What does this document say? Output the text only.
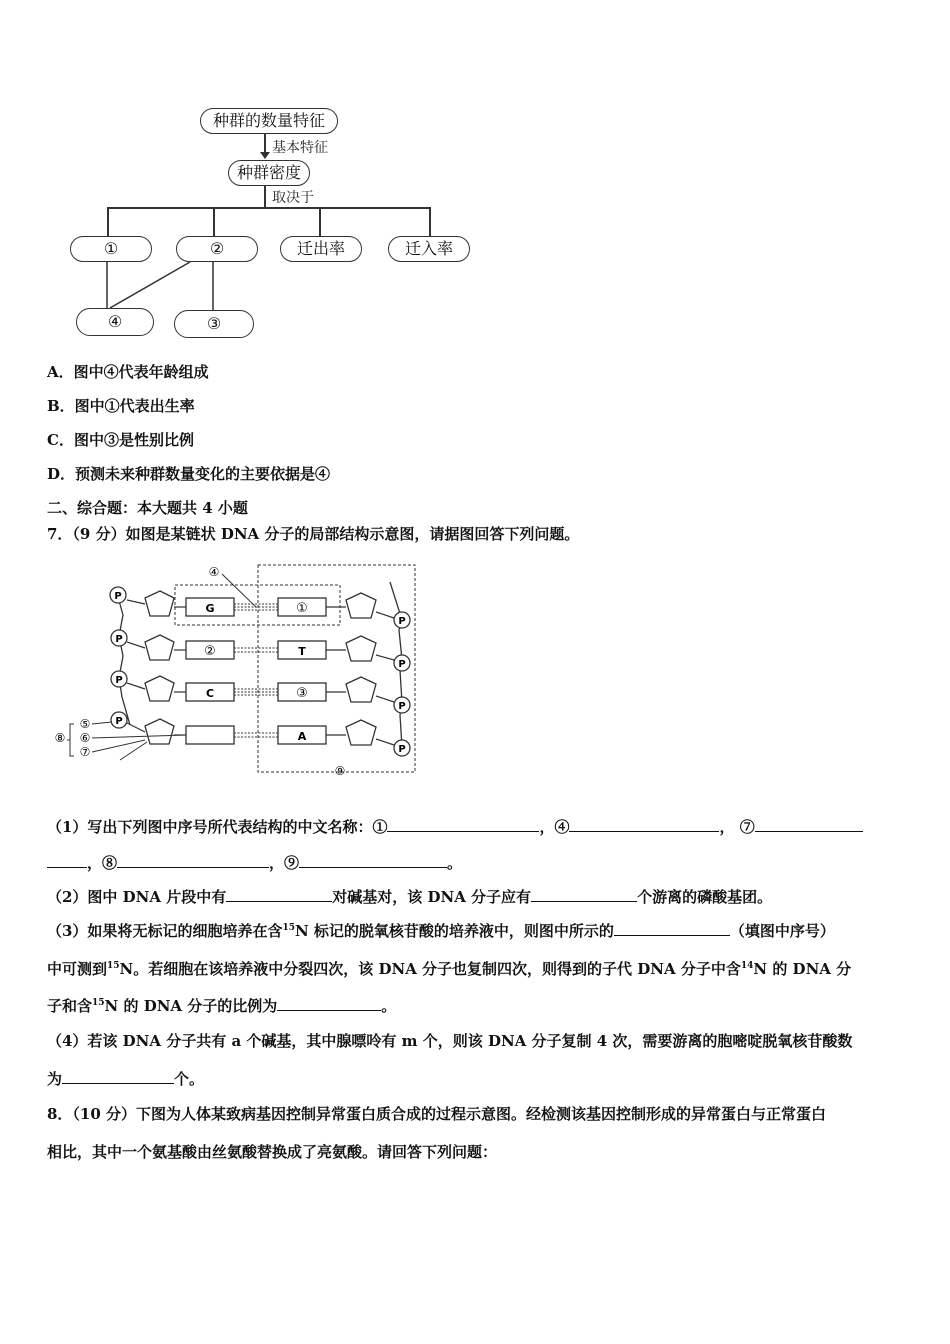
种群的数量特征
基本特征
种群密度
取决于
①	②	迁出率	迁入率
④	③
A．图中④代表年龄组成
B．图中①代表出生率
C．图中③是性别比例
D．预测未来种群数量变化的主要依据是④
二、综合题：本大题共 4 小题
7．（9 分）如图是某链状 DNA 分子的局部结构示意图，请据图回答下列问题。
P
P
P
P
G
②
C
①
T
③
A
P
P
P
P
④
⑨
⑤
⑥
⑦
⑧
（1）写出下列图中序号所代表结构的中文名称：①	，④	， ⑦
，⑧	，⑨	。
（2）图中 DNA 片段中有	对碱基对，该 DNA 分子应有	个游离的磷酸基团。
（3）如果将无标记的细胞培养在含$^{15}$N 标记的脱氧核苷酸的培养液中，则图中所示的	（填图中序号）
中可测到$^{15}$N。若细胞在该培养液中分裂四次，该 DNA 分子也复制四次，则得到的子代 DNA 分子中含$^{14}$N 的 DNA 分
子和含$^{15}$N 的 DNA 分子的比例为	。
（4）若该 DNA 分子共有 a 个碱基，其中腺嘌呤有 m 个，则该 DNA 分子复制 4 次，需要游离的胞嘧啶脱氧核苷酸数
为	个。
8．（10 分）下图为人体某致病基因控制异常蛋白质合成的过程示意图。经检测该基因控制形成的异常蛋白与正常蛋白
相比，其中一个氨基酸由丝氨酸替换成了亮氨酸。请回答下列问题：
